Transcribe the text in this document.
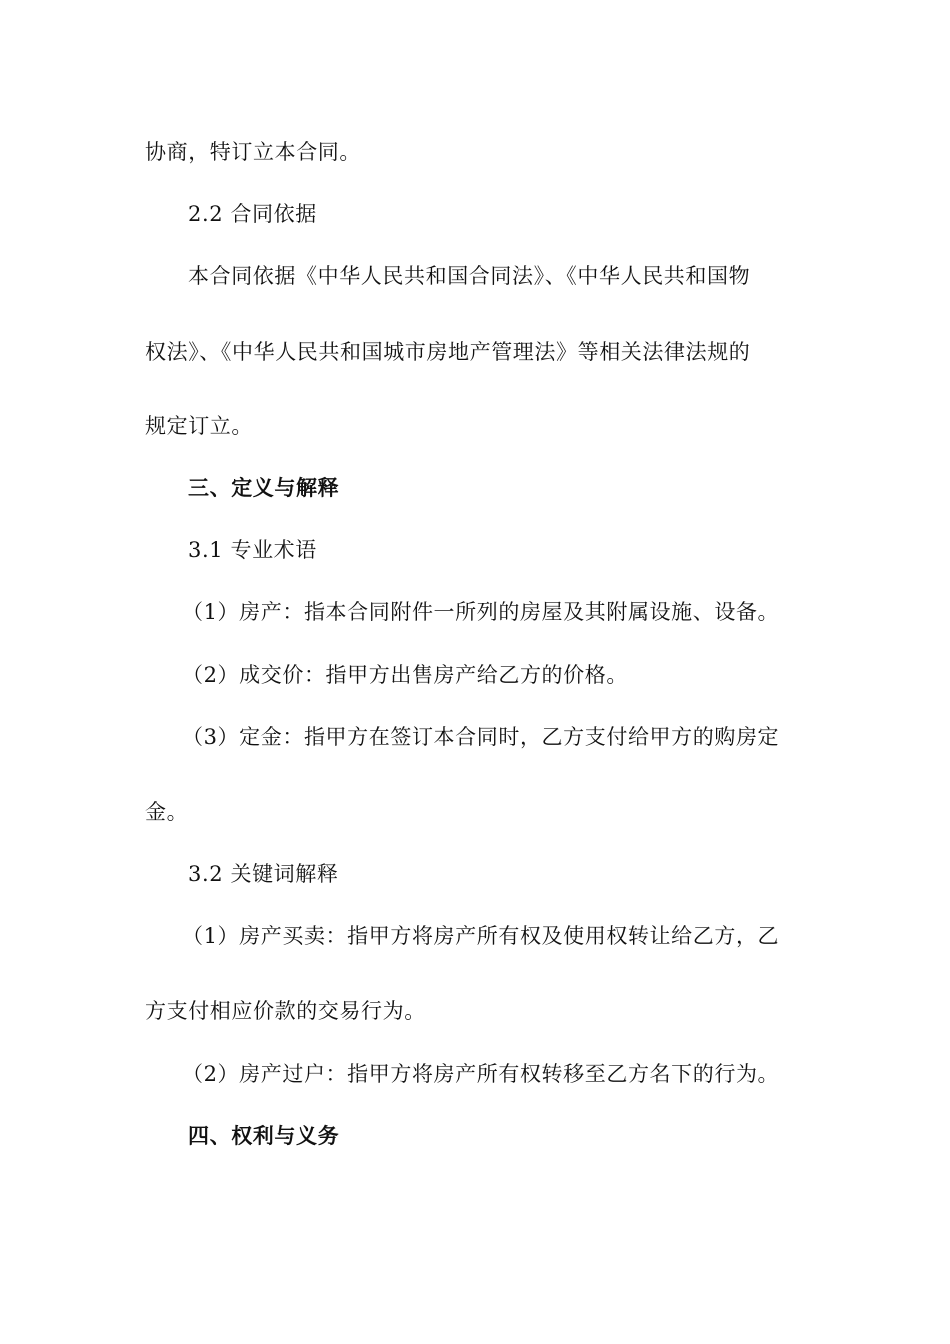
协商，特订立本合同。
2.2 合同依据
本合同依据《中华人民共和国合同法》、《中华人民共和国物
权法》、《中华人民共和国城市房地产管理法》等相关法律法规的
规定订立。
三、定义与解释
3.1 专业术语
（1）房产：指本合同附件一所列的房屋及其附属设施、设备。
（2）成交价：指甲方出售房产给乙方的价格。
（3）定金：指甲方在签订本合同时，乙方支付给甲方的购房定
金。
3.2 关键词解释
（1）房产买卖：指甲方将房产所有权及使用权转让给乙方，乙
方支付相应价款的交易行为。
（2）房产过户：指甲方将房产所有权转移至乙方名下的行为。
四、权利与义务
